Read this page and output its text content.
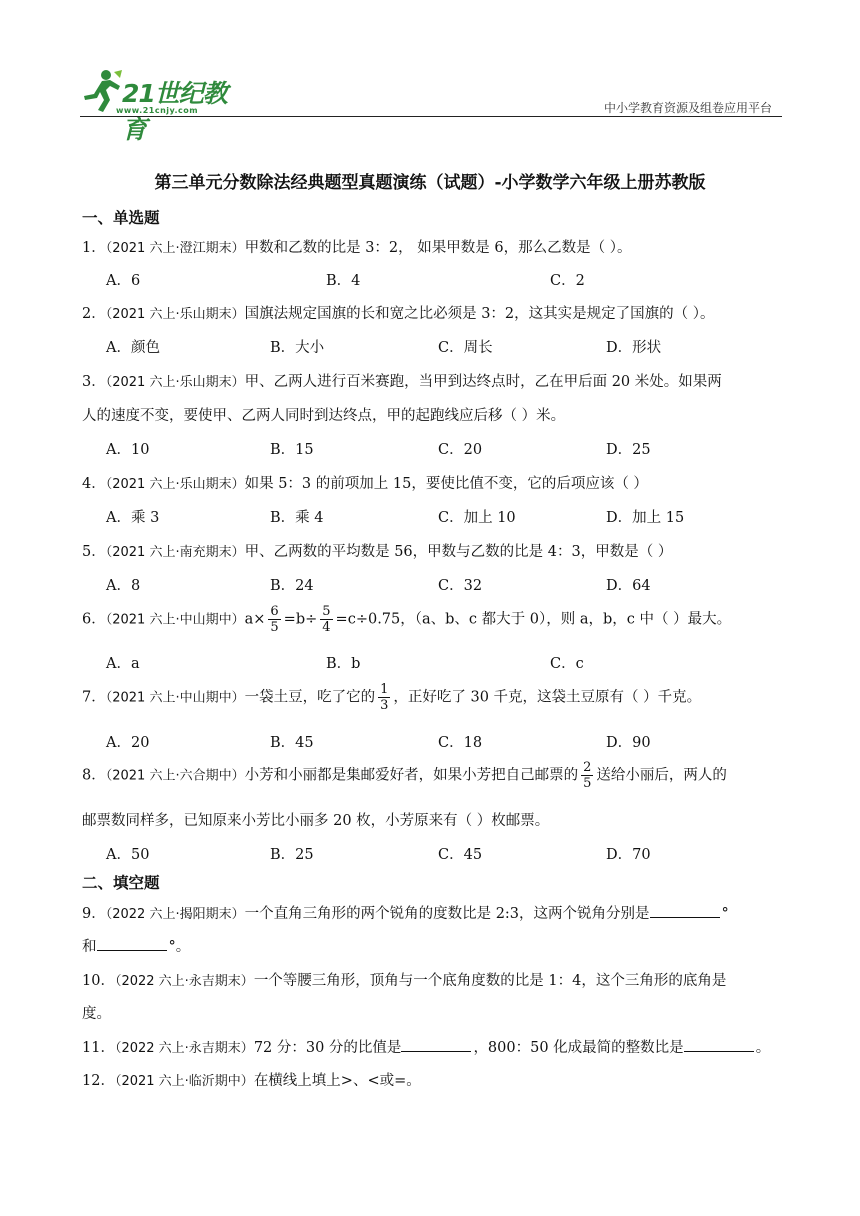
21世纪教育
www.21cnjy.com	中小学教育资源及组卷应用平台
第三单元分数除法经典题型真题演练（试题）-小学数学六年级上册苏教版
一、单选题
1．（2021 六上·澄江期末）甲数和乙数的比是 3：2， 如果甲数是 6，那么乙数是（ ）。
A．6	B．4	C．2
2．（2021 六上·乐山期末）国旗法规定国旗的长和宽之比必须是 3：2，这其实是规定了国旗的（ ）。
A．颜色	B．大小	C．周长	D．形状
3．（2021 六上·乐山期末）甲、乙两人进行百米赛跑，当甲到达终点时，乙在甲后面 20 米处。如果两
人的速度不变，要使甲、乙两人同时到达终点，甲的起跑线应后移（ ）米。
A．10	B．15	C．20	D．25
4．（2021 六上·乐山期末）如果 5：3 的前项加上 15，要使比值不变，它的后项应该（ ）
A．乘 3	B．乘 4	C．加上 10	D．加上 15
5．（2021 六上·南充期末）甲、乙两数的平均数是 56，甲数与乙数的比是 4：3，甲数是（ ）
A．8	B．24	C．32	D．64
6．（2021 六上·中山期中）$a\times \frac{6}{5} =b\div \frac{5}{4} =c\div 0.75$，（a、b、c 都大于 0），则 a，b，c 中（ ）最大。
A．a	B．b	C．c
7．（2021 六上·中山期中）一袋土豆，吃了它的 $\frac{1}{3}$ ，正好吃了 30 千克，这袋土豆原有（ ）千克。
A．20	B．45	C．18	D．90
8．（2021 六上·六合期中）小芳和小丽都是集邮爱好者，如果小芳把自己邮票的 $\frac{2}{5}$ 送给小丽后，两人的
邮票数同样多，已知原来小芳比小丽多 20 枚，小芳原来有（ ）枚邮票。
A．50	B．25	C．45	D．70
二、填空题
9．（2022 六上·揭阳期末）一个直角三角形的两个锐角的度数比是 2:3，这两个锐角分别是	°
和	°。
10．（2022 六上·永吉期末）一个等腰三角形，顶角与一个底角度数的比是 1：4，这个三角形的底角是
度。
11．（2022 六上·永吉期末）72 分：30 分的比值是	，800：50 化成最简的整数比是	。
12．（2021 六上·临沂期中）在横线上填上>、<或=。
